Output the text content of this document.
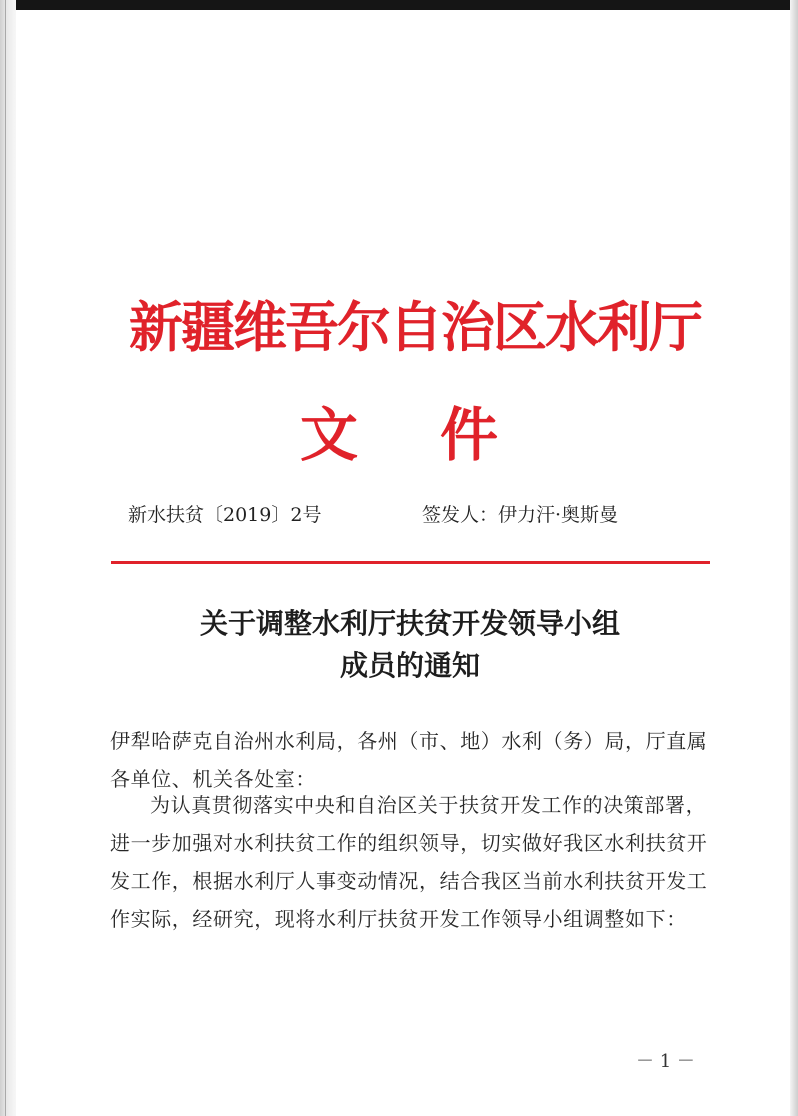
新疆维吾尔自治区水利厅
文 件
新水扶贫〔2019〕2号	签发人：伊力汗·奥斯曼
关于调整水利厅扶贫开发领导小组
成员的通知

伊犁哈萨克自治州水利局，各州（市、地）水利（务）局，厅直属各单位、机关各处室：

为认真贯彻落实中央和自治区关于扶贫开发工作的决策部署，进一步加强对水利扶贫工作的组织领导，切实做好我区水利扶贫开发工作，根据水利厅人事变动情况，结合我区当前水利扶贫开发工作实际，经研究，现将水利厅扶贫开发工作领导小组调整如下：

－ 1 －
